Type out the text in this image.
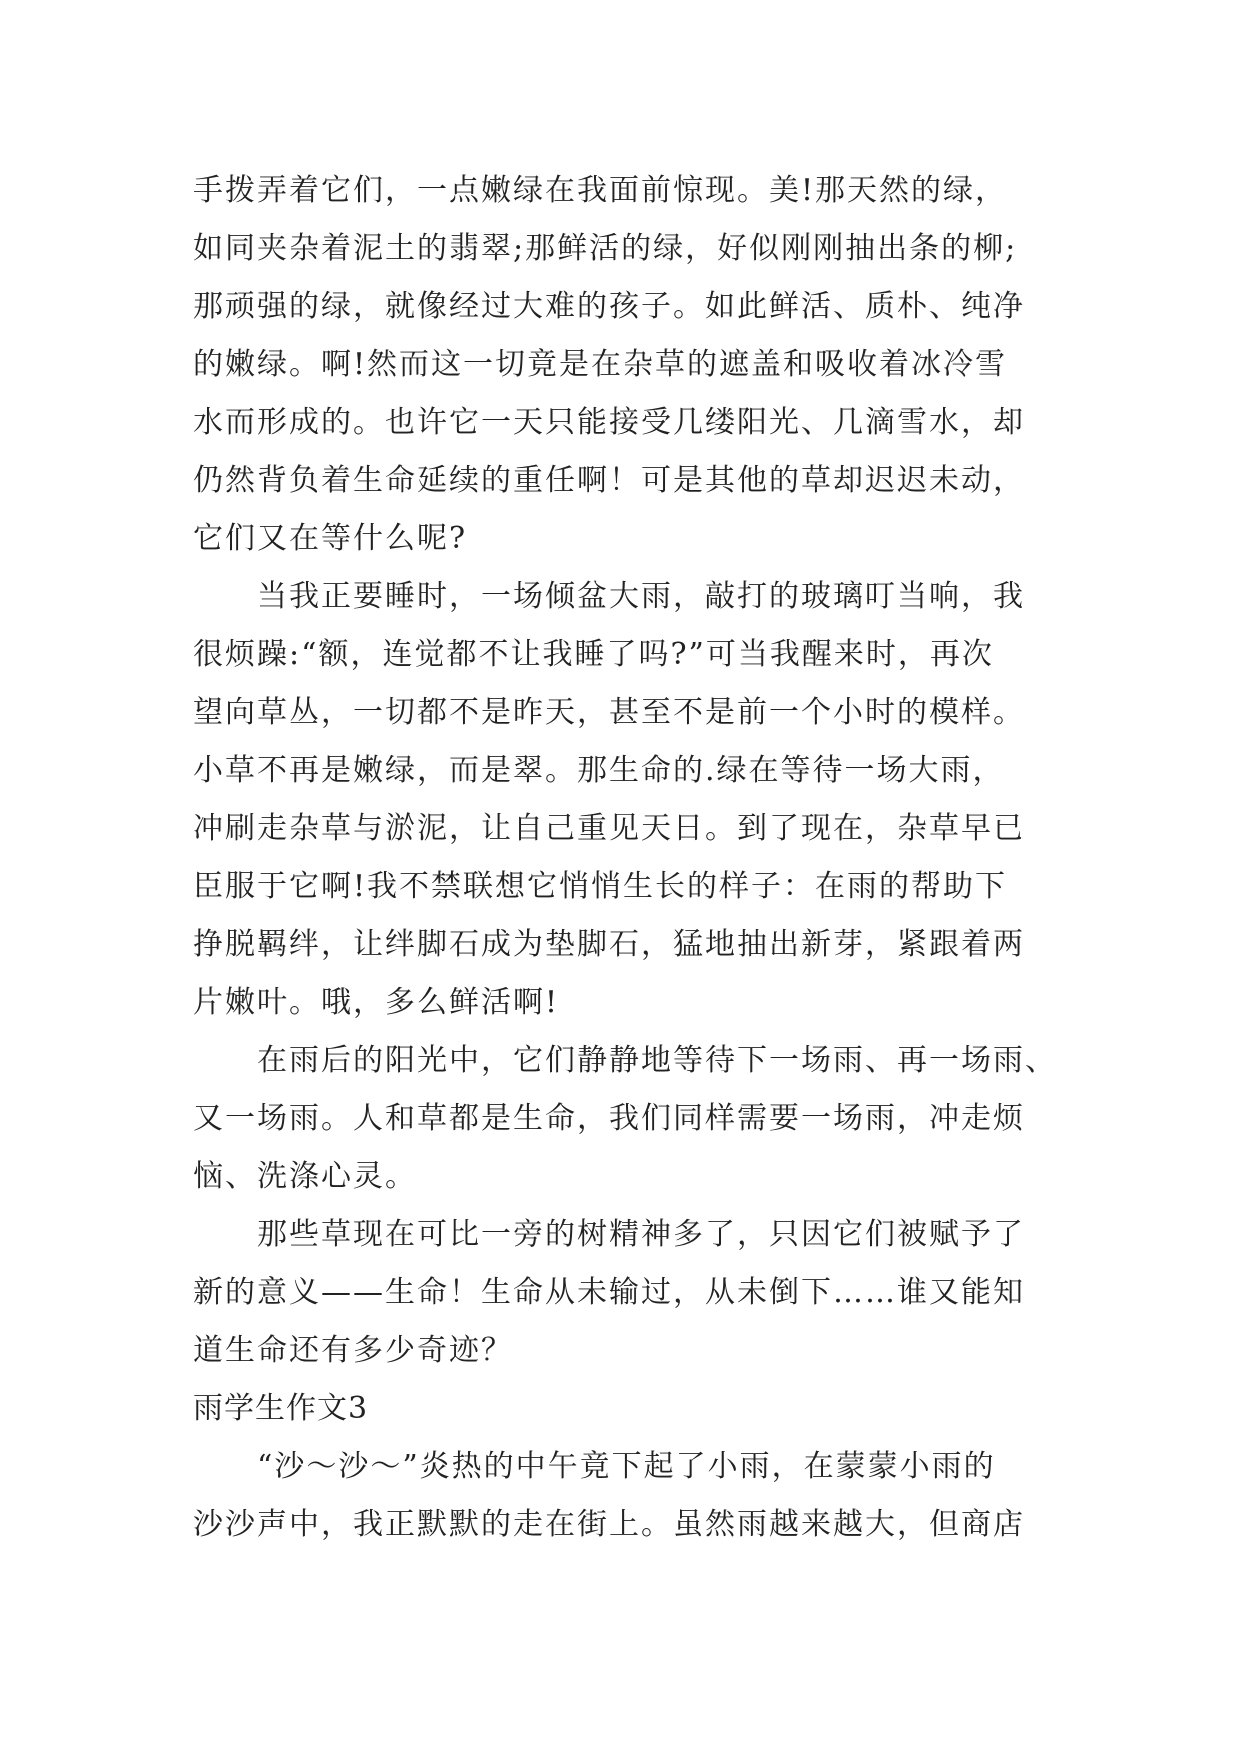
手拨弄着它们，一点嫩绿在我面前惊现。美!那天然的绿，
如同夹杂着泥土的翡翠;那鲜活的绿，好似刚刚抽出条的柳;
那顽强的绿，就像经过大难的孩子。如此鲜活、质朴、纯净
的嫩绿。啊!然而这一切竟是在杂草的遮盖和吸收着冰冷雪
水而形成的。也许它一天只能接受几缕阳光、几滴雪水，却
仍然背负着生命延续的重任啊！可是其他的草却迟迟未动，
它们又在等什么呢?
当我正要睡时，一场倾盆大雨，敲打的玻璃叮当响，我
很烦躁:“额，连觉都不让我睡了吗?”可当我醒来时，再次
望向草丛，一切都不是昨天，甚至不是前一个小时的模样。
小草不再是嫩绿，而是翠。那生命的.绿在等待一场大雨，
冲刷走杂草与淤泥，让自己重见天日。到了现在，杂草早已
臣服于它啊!我不禁联想它悄悄生长的样子：在雨的帮助下
挣脱羁绊，让绊脚石成为垫脚石，猛地抽出新芽，紧跟着两
片嫩叶。哦，多么鲜活啊!
在雨后的阳光中，它们静静地等待下一场雨、再一场雨、
又一场雨。人和草都是生命，我们同样需要一场雨，冲走烦
恼、洗涤心灵。
那些草现在可比一旁的树精神多了，只因它们被赋予了
新的意义——生命！生命从未输过，从未倒下……谁又能知
道生命还有多少奇迹？
雨学生作文3
“沙～沙～”炎热的中午竟下起了小雨，在蒙蒙小雨的
沙沙声中，我正默默的走在街上。虽然雨越来越大，但商店
